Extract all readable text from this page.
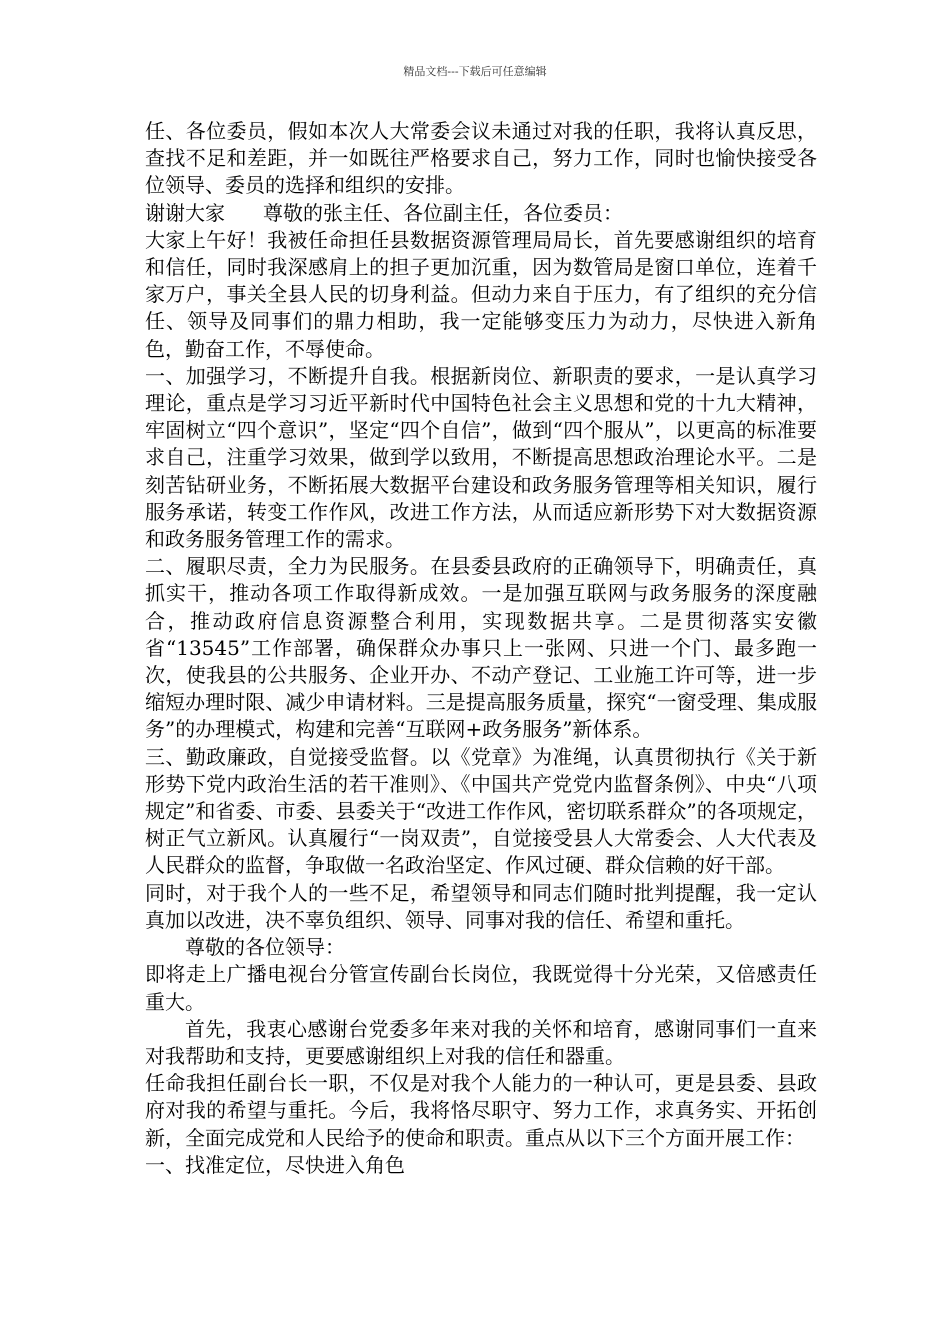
精品文档---下载后可任意编辑

任、各位委员，假如本次人大常委会议未通过对我的任职，我将认真反思，查找不足和差距，并一如既往严格要求自己，努力工作，同时也愉快接受各位领导、委员的选择和组织的安排。

谢谢大家 尊敬的张主任、各位副主任，各位委员：

大家上午好！我被任命担任县数据资源管理局局长，首先要感谢组织的培育和信任，同时我深感肩上的担子更加沉重，因为数管局是窗口单位，连着千家万户，事关全县人民的切身利益。但动力来自于压力，有了组织的充分信任、领导及同事们的鼎力相助，我一定能够变压力为动力，尽快进入新角色，勤奋工作，不辱使命。

一、加强学习，不断提升自我。根据新岗位、新职责的要求，一是认真学习理论，重点是学习习近平新时代中国特色社会主义思想和党的十九大精神，牢固树立“四个意识”，坚定“四个自信”，做到“四个服从”，以更高的标准要求自己，注重学习效果，做到学以致用，不断提高思想政治理论水平。二是刻苦钻研业务，不断拓展大数据平台建设和政务服务管理等相关知识，履行服务承诺，转变工作作风，改进工作方法，从而适应新形势下对大数据资源和政务服务管理工作的需求。

二、履职尽责，全力为民服务。在县委县政府的正确领导下，明确责任，真抓实干，推动各项工作取得新成效。一是加强互联网与政务服务的深度融合，推动政府信息资源整合利用，实现数据共享。二是贯彻落实安徽省“13545”工作部署，确保群众办事只上一张网、只进一个门、最多跑一次，使我县的公共服务、企业开办、不动产登记、工业施工许可等，进一步缩短办理时限、减少申请材料。三是提高服务质量，探究“一窗受理、集成服务”的办理模式，构建和完善“互联网+政务服务”新体系。

三、勤政廉政，自觉接受监督。以《党章》为准绳，认真贯彻执行《关于新形势下党内政治生活的若干准则》、《中国共产党党内监督条例》、中央“八项规定”和省委、市委、县委关于“改进工作作风，密切联系群众”的各项规定，树正气立新风。认真履行“一岗双责”，自觉接受县人大常委会、人大代表及人民群众的监督，争取做一名政治坚定、作风过硬、群众信赖的好干部。

同时，对于我个人的一些不足，希望领导和同志们随时批判提醒，我一定认真加以改进，决不辜负组织、领导、同事对我的信任、希望和重托。

尊敬的各位领导：

即将走上广播电视台分管宣传副台长岗位，我既觉得十分光荣，又倍感责任重大。

首先，我衷心感谢台党委多年来对我的关怀和培育，感谢同事们一直来对我帮助和支持，更要感谢组织上对我的信任和器重。

任命我担任副台长一职，不仅是对我个人能力的一种认可，更是县委、县政府对我的希望与重托。今后，我将恪尽职守、努力工作，求真务实、开拓创新，全面完成党和人民给予的使命和职责。重点从以下三个方面开展工作：

一、找准定位，尽快进入角色
